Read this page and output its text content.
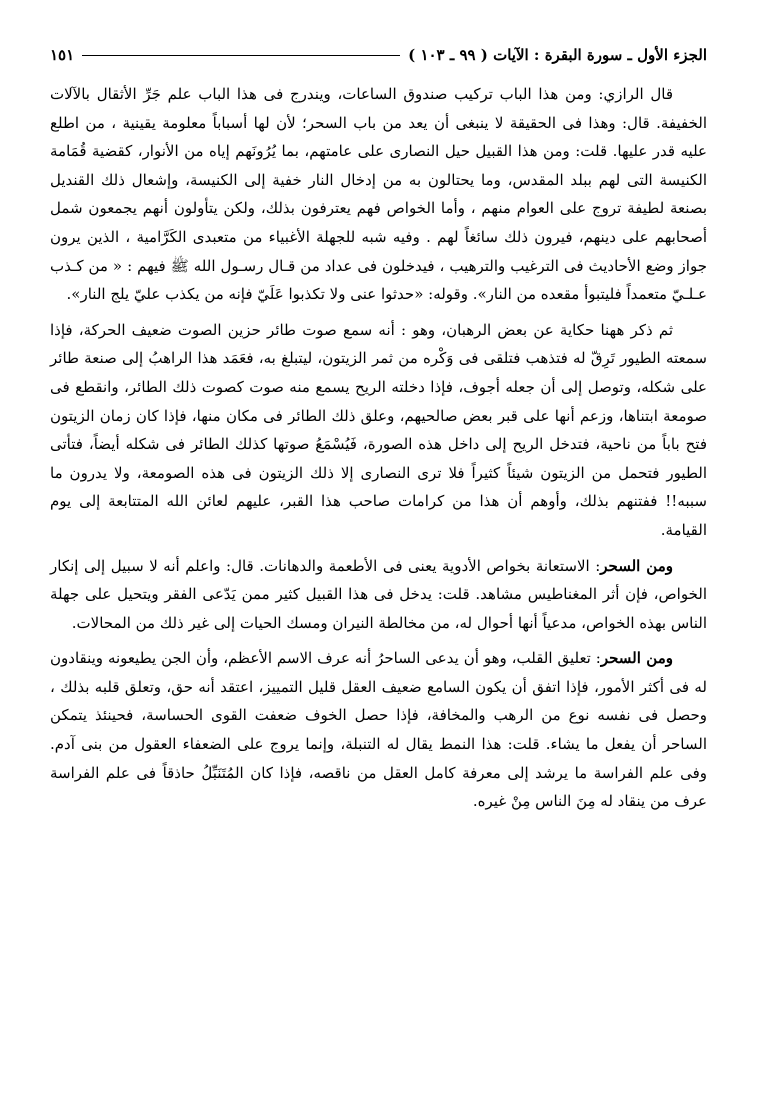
الجزء الأول ـ سورة البقرة : الآيات ( ٩٩ ـ ١٠٣ )
١٥١

قال الرازي: ومن هذا الباب تركيب صندوق الساعات، ويندرج فى هذا الباب علم جَرِّ الأثقال بالآلات الخفيفة. قال: وهذا فى الحقيقة لا ينبغى أن يعد من باب السحر؛ لأن لها أسباباً معلومة يقينية ، من اطلع عليه قدر عليها. قلت: ومن هذا القبيل حيل النصارى على عامتهم، بما يُرُونَهم إياه من الأنوار، كقضية قُمَامة الكنيسة التى لهم ببلد المقدس، وما يحتالون به من إدخال النار خفية إلى الكنيسة، وإشعال ذلك القنديل بصنعة لطيفة تروج على العوام منهم ، وأما الخواص فهم يعترفون بذلك، ولكن يتأولون أنهم يجمعون شمل أصحابهم على دينهم، فيرون ذلك سائغاً لهم . وفيه شبه للجهلة الأغبياء من متعبدى الكَرَّامية ، الذين يرون جواز وضع الأحاديث فى الترغيب والترهيب ، فيدخلون فى عداد من قـال رسـول الله ﷺ فيهم : « من كـذب عـلـيّ متعمداً فليتبوأ مقعده من النار». وقوله: «حدثوا عنى ولا تكذبوا عَلَيّ فإنه من يكذب عليّ يلج النار».

ثم ذكر ههنا حكاية عن بعض الرهبان، وهو : أنه سمع صوت طائر حزين الصوت ضعيف الحركة، فإذا سمعته الطيور تَرِقّ له فتذهب فتلقى فى وَكْره من ثمر الزيتون، ليتبلغ به، فعَمَد هذا الراهبُ إلى صنعة طائر على شكله، وتوصل إلى أن جعله أجوف، فإذا دخلته الريح يسمع منه صوت كصوت ذلك الطائر، وانقطع فى صومعة ابتناها، وزعم أنها على قبر بعض صالحيهم، وعلق ذلك الطائر فى مكان منها، فإذا كان زمان الزيتون فتح باباً من ناحية، فتدخل الريح إلى داخل هذه الصورة، فَيُسْمَعُ صوتها كذلك الطائر فى شكله أيضاً، فتأتى الطيور فتحمل من الزيتون شيئاً كثيراً فلا ترى النصارى إلا ذلك الزيتون فى هذه الصومعة، ولا يدرون ما سببه!! ففتنهم بذلك، وأوهم أن هذا من كرامات صاحب هذا القبر، عليهم لعائن الله المتتابعة إلى يوم القيامة.

ومن السحر: الاستعانة بخواص الأدوية يعنى فى الأطعمة والدهانات. قال: واعلم أنه لا سبيل إلى إنكار الخواص، فإن أثر المغناطيس مشاهد. قلت: يدخل فى هذا القبيل كثير ممن يَدّعى الفقر ويتحيل على جهلة الناس بهذه الخواص، مدعياً أنها أحوال له، من مخالطة النيران ومسك الحيات إلى غير ذلك من المحالات.

ومن السحر: تعليق القلب، وهو أن يدعى الساحرُ أنه عرف الاسم الأعظم، وأن الجن يطيعونه وينقادون له فى أكثر الأمور، فإذا اتفق أن يكون السامع ضعيف العقل قليل التمييز، اعتقد أنه حق، وتعلق قلبه بذلك ، وحصل فى نفسه نوع من الرهب والمخافة، فإذا حصل الخوف ضعفت القوى الحساسة، فحينئذ يتمكن الساحر أن يفعل ما يشاء. قلت: هذا النمط يقال له التنبلة، وإنما يروج على الضعفاء العقول من بنى آدم. وفى علم الفراسة ما يرشد إلى معرفة كامل العقل من ناقصه، فإذا كان المُتَنَبِّلُ حاذقاً فى علم الفراسة عرف من ينقاد له مِنَ الناس مِنْ غيره.
